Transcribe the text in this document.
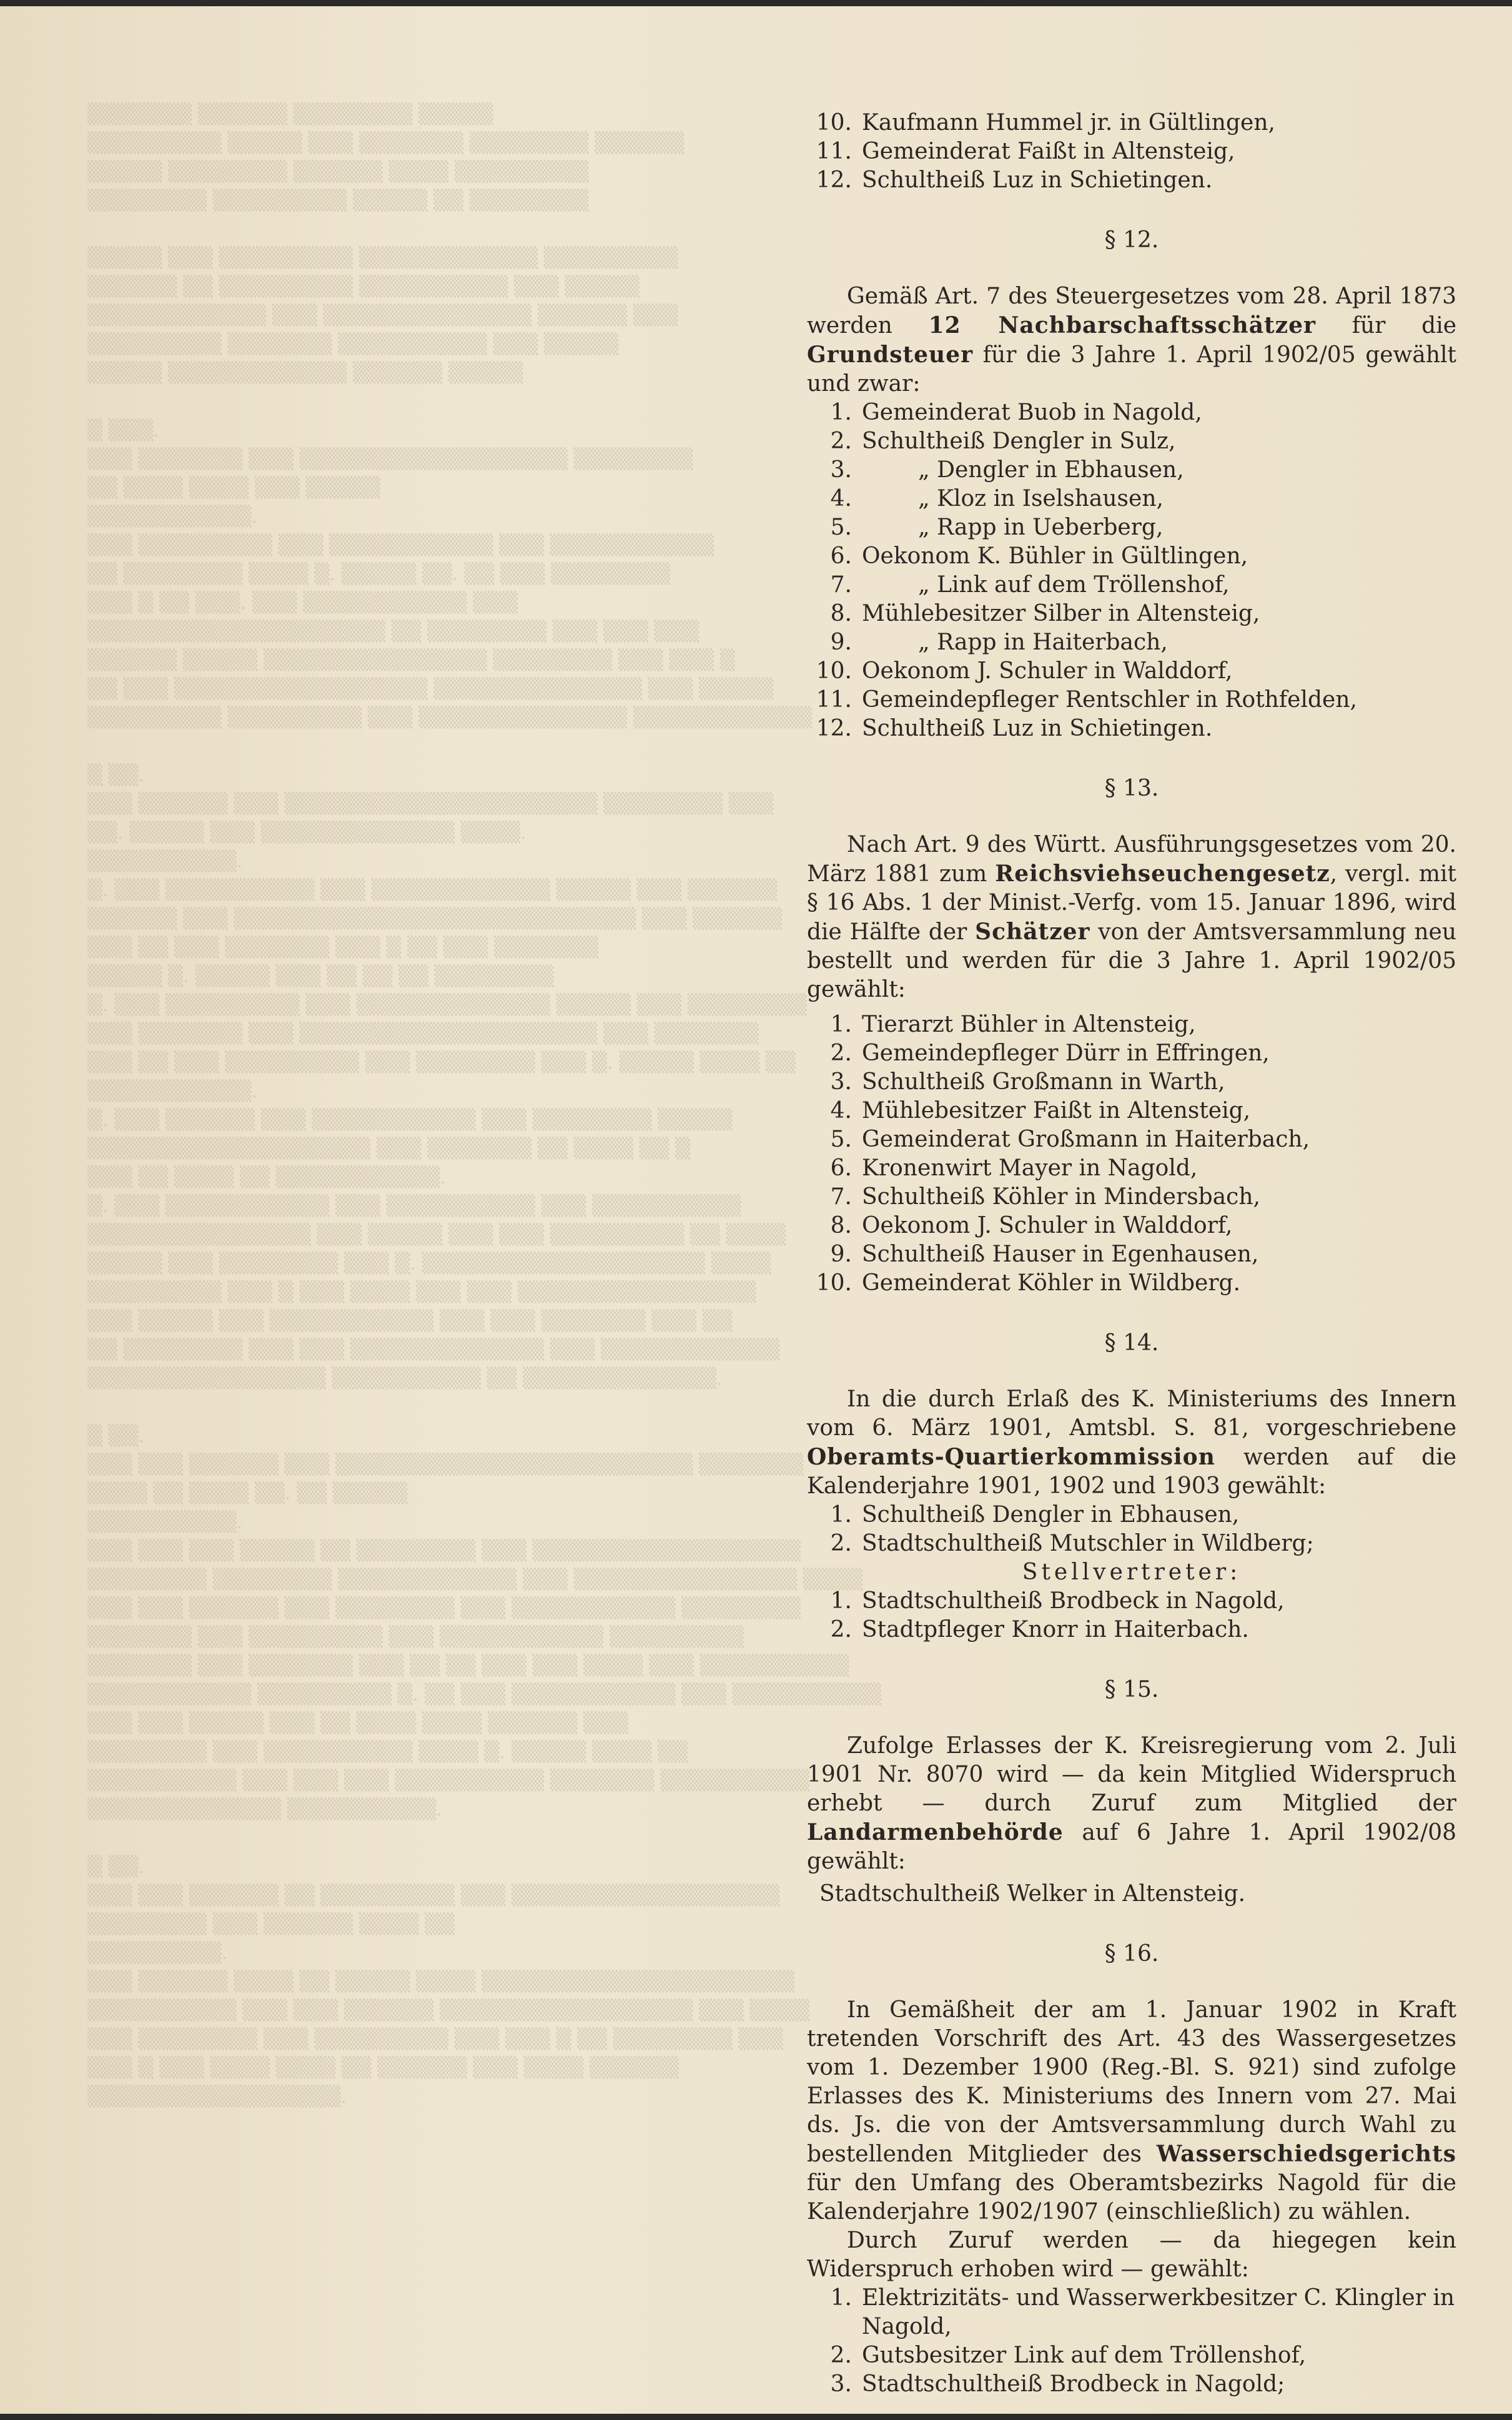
▒▒▒▒▒▒▒ ▒▒▒▒▒▒ ▒▒▒▒▒▒▒▒ ▒▒▒▒▒
▒▒▒▒▒▒▒▒▒ ▒▒▒▒▒ ▒▒▒ ▒▒▒▒▒▒▒ ▒▒▒▒▒▒▒▒ ▒▒▒▒▒▒
▒▒▒▒▒ ▒▒▒▒▒▒▒▒ ▒▒▒▒▒▒ ▒▒▒▒ ▒▒▒▒▒▒▒▒▒
▒▒▒▒▒▒▒▒ ▒▒▒▒▒▒▒▒▒ ▒▒▒▒▒ ▒▒ ▒▒▒▒▒▒▒▒

▒▒▒▒▒ ▒▒▒ ▒▒▒▒▒▒▒▒▒ ▒▒▒▒▒▒▒▒▒▒▒▒ ▒▒▒▒▒▒▒▒▒
▒▒▒▒▒▒ ▒▒ ▒▒▒▒▒▒▒▒▒ ▒▒▒▒▒▒▒▒▒▒ ▒▒▒ ▒▒▒▒▒
▒▒▒▒▒▒▒▒▒▒▒▒ ▒▒▒ ▒▒▒▒▒▒▒▒▒▒▒▒▒▒ ▒▒▒▒▒▒ ▒▒▒
▒▒▒▒▒▒▒▒▒ ▒▒▒▒▒▒▒ ▒▒▒▒▒▒▒▒▒▒ ▒▒▒ ▒▒▒▒▒
▒▒▒▒▒ ▒▒▒▒▒▒▒▒▒▒▒▒ ▒▒▒▒▒▒ ▒▒▒▒▒

▒ ▒▒▒.
▒▒▒ ▒▒▒▒▒▒▒ ▒▒▒ ▒▒▒▒▒▒▒▒▒▒▒▒▒▒▒▒▒▒ ▒▒▒▒▒▒▒▒
▒▒ ▒▒▒▒ ▒▒▒▒ ▒▒▒ ▒▒▒▒▒
▒▒▒▒▒▒▒▒▒▒▒.
▒▒▒ ▒▒▒▒▒▒▒▒▒ ▒▒▒ ▒▒▒▒▒▒▒▒▒▒▒ ▒▒▒ ▒▒▒▒▒▒▒▒▒▒▒
▒▒ ▒▒▒▒▒▒▒▒ ▒▒▒▒ ▒. ▒▒▒▒▒ ▒▒. ▒▒ ▒▒▒ ▒▒▒▒▒▒▒▒
▒▒▒ ▒ ▒▒ ▒▒▒. ▒▒▒ ▒▒▒▒▒▒▒▒▒▒▒ ▒▒▒
▒▒▒▒▒▒▒▒▒▒▒▒▒▒▒▒▒▒▒▒ ▒▒ ▒▒▒▒▒▒▒▒ ▒▒▒ ▒▒▒ ▒▒▒
▒▒▒▒▒▒ ▒▒▒▒▒ ▒▒▒▒▒▒▒▒▒▒▒▒▒▒▒ ▒▒▒▒▒▒▒▒ ▒▒▒ ▒▒▒ ▒
▒▒ ▒▒▒ ▒▒▒▒▒▒▒▒▒▒▒▒▒▒▒▒▒ ▒▒▒▒▒▒▒▒▒▒▒▒▒▒ ▒▒▒ ▒▒▒▒▒
▒▒▒▒▒▒▒▒▒ ▒▒▒▒▒▒▒▒▒ ▒▒▒ ▒▒▒▒▒▒▒▒▒▒▒▒▒▒ ▒▒▒▒▒▒▒▒▒▒▒▒

▒ ▒▒.
▒▒▒ ▒▒▒▒▒▒ ▒▒▒ ▒▒▒▒▒▒▒▒▒▒▒▒▒▒▒▒▒▒▒▒▒ ▒▒▒▒▒▒▒▒ ▒▒▒
▒▒. ▒▒▒▒▒ ▒▒▒ ▒▒▒▒▒▒▒▒▒▒▒▒▒ ▒▒▒▒.
▒▒▒▒▒▒▒▒▒▒.
▒. ▒▒▒ ▒▒▒▒▒▒▒▒▒▒ ▒▒▒ ▒▒▒▒▒▒▒▒▒▒▒▒ ▒▒▒▒▒ ▒▒▒ ▒▒▒▒▒▒
▒▒▒▒▒▒ ▒▒▒ ▒▒▒▒▒▒▒▒▒▒▒▒▒▒▒▒▒▒▒▒▒▒▒▒▒▒▒ ▒▒▒ ▒▒▒▒▒▒
▒▒▒ ▒▒ ▒▒▒ ▒▒▒▒▒▒▒ ▒▒▒ ▒ ▒▒ ▒▒▒ ▒▒▒▒▒▒▒
▒▒▒▒▒ ▒. ▒▒▒▒▒ ▒▒▒ ▒▒ ▒▒ ▒▒ ▒▒▒▒▒▒▒▒
▒. ▒▒▒ ▒▒▒▒▒▒▒▒▒ ▒▒▒ ▒▒▒▒▒▒▒▒▒▒▒▒▒ ▒▒▒▒▒ ▒▒▒ ▒▒▒▒▒▒▒▒
▒▒▒ ▒▒▒▒▒▒▒ ▒▒▒ ▒▒▒▒▒▒▒▒▒▒▒▒▒▒▒▒▒▒▒▒ ▒▒▒ ▒▒▒▒▒▒▒
▒▒▒ ▒▒ ▒▒▒ ▒▒▒▒▒▒▒▒▒ ▒▒▒ ▒▒▒▒▒▒▒▒ ▒▒▒ ▒. ▒▒▒▒▒ ▒▒▒▒ ▒▒
▒▒▒▒▒▒▒▒▒▒▒.
▒. ▒▒▒ ▒▒▒▒▒▒ ▒▒▒ ▒▒▒▒▒▒▒▒▒▒▒ ▒▒▒ ▒▒▒▒▒▒▒▒ ▒▒▒▒▒
▒▒▒▒▒▒▒▒▒▒▒▒▒▒▒▒▒▒▒ ▒▒▒ ▒▒▒▒▒▒▒ ▒▒ ▒▒▒▒ ▒▒ ▒
▒▒▒ ▒▒ ▒▒▒▒ ▒▒ ▒▒▒▒▒▒▒▒▒▒▒.
▒. ▒▒▒ ▒▒▒▒▒▒▒▒▒▒▒ ▒▒▒ ▒▒▒▒▒▒▒▒▒▒ ▒▒▒ ▒▒▒▒▒▒▒▒▒▒
▒▒▒▒▒▒▒▒▒▒▒▒▒▒▒ ▒▒▒ ▒▒▒▒▒ ▒▒▒ ▒▒▒ ▒▒▒▒▒▒▒▒▒ ▒▒ ▒▒▒▒
▒▒▒▒▒ ▒▒▒ ▒▒▒▒▒▒▒▒ ▒▒▒ ▒. ▒▒▒▒▒▒▒▒▒▒▒▒▒▒▒▒▒▒▒ ▒▒▒▒
▒▒▒▒▒▒▒▒▒ ▒▒▒ ▒ ▒▒▒ ▒▒▒▒ ▒▒▒ ▒▒▒ ▒▒▒▒▒▒▒▒▒▒▒▒▒▒▒▒
▒▒▒ ▒▒▒▒▒ ▒▒▒ ▒▒▒▒▒▒▒▒▒▒▒ ▒▒▒ ▒▒▒ ▒▒▒▒▒▒▒ ▒▒▒ ▒▒
▒▒ ▒▒▒▒▒▒▒▒ ▒▒▒ ▒▒▒ ▒▒▒▒▒▒▒▒▒▒▒▒▒ ▒▒▒ ▒▒▒▒▒▒▒▒▒▒▒▒
▒▒▒▒▒▒▒▒▒▒▒▒▒▒▒▒ ▒▒▒▒▒▒▒▒▒▒ ▒▒ ▒▒▒▒▒▒▒▒▒▒▒▒▒.

▒ ▒▒.
▒▒▒ ▒▒▒ ▒▒▒▒▒▒ ▒▒▒ ▒▒▒▒▒▒▒▒▒▒▒▒▒▒▒▒▒▒▒▒▒▒▒▒ ▒▒▒▒▒▒▒
▒▒▒▒ ▒▒ ▒▒▒▒ ▒▒. ▒▒ ▒▒▒▒▒
▒▒▒▒▒▒▒▒▒▒.
▒▒▒ ▒▒▒ ▒▒▒ ▒▒▒▒▒ ▒▒ ▒▒▒▒▒▒▒▒ ▒▒▒ ▒▒▒▒▒▒▒▒▒▒▒▒▒▒▒▒▒▒
▒▒▒▒▒▒▒▒ ▒▒▒▒▒▒▒▒ ▒▒▒▒▒▒▒▒▒▒▒▒ ▒▒▒ ▒▒▒▒▒▒▒▒▒▒▒▒▒▒▒ ▒▒▒▒
▒▒▒ ▒▒▒ ▒▒▒▒▒▒ ▒▒▒ ▒▒▒▒▒▒▒▒ ▒▒▒ ▒▒▒▒▒▒▒▒▒▒▒ ▒▒▒▒▒▒▒▒
▒▒▒▒▒▒▒ ▒▒▒ ▒▒▒▒▒▒▒▒▒ ▒▒▒ ▒▒▒▒▒▒▒▒▒▒▒ ▒▒▒▒▒▒▒▒▒
▒▒▒▒▒▒▒ ▒▒▒ ▒▒▒▒▒▒▒ ▒▒▒ ▒▒ ▒▒ ▒▒▒ ▒▒▒ ▒▒▒▒ ▒▒▒ ▒▒▒▒▒▒▒▒▒▒
▒▒▒▒▒▒▒▒▒▒▒ ▒▒▒▒▒▒▒▒▒ ▒. ▒▒ ▒▒▒ ▒▒▒▒▒▒▒▒▒▒▒ ▒▒▒ ▒▒▒▒▒▒▒▒▒▒
▒▒▒ ▒▒▒ ▒▒▒▒▒ ▒▒▒ ▒▒ ▒▒▒▒ ▒▒▒▒ ▒▒▒▒▒▒ ▒▒▒
▒▒▒▒▒▒▒▒ ▒▒▒ ▒▒▒▒▒▒▒▒▒▒ ▒▒▒▒ ▒. ▒▒▒▒▒ ▒▒▒▒ ▒▒
▒▒▒▒▒▒▒▒▒▒ ▒▒▒ ▒▒▒ ▒▒▒ ▒▒▒▒▒▒▒▒▒▒ ▒▒▒▒▒▒▒ ▒▒▒▒▒▒▒▒▒▒
▒▒▒▒▒▒▒▒▒▒▒▒▒ ▒▒▒▒▒▒▒▒▒▒.

▒ ▒▒.
▒▒▒ ▒▒▒ ▒▒▒▒▒▒ ▒▒ ▒▒▒▒▒▒▒▒▒ ▒▒▒ ▒▒▒▒▒▒▒▒▒▒▒▒▒▒▒▒▒▒
▒▒▒▒▒▒▒▒ ▒▒▒ ▒▒▒▒▒▒ ▒▒▒▒ ▒▒
▒▒▒▒▒▒▒▒▒.
▒▒▒ ▒▒▒▒▒▒ ▒▒▒▒ ▒▒ ▒▒▒▒▒ ▒▒▒▒ ▒▒▒▒▒▒▒▒▒▒▒▒▒▒▒▒▒▒▒▒▒
▒▒▒▒▒▒▒▒▒▒ ▒▒▒ ▒▒▒ ▒▒▒▒▒▒ ▒▒▒▒▒▒▒▒▒▒▒▒▒▒▒▒▒ ▒▒▒ ▒▒▒▒
▒▒▒ ▒▒▒▒▒▒▒▒ ▒▒▒ ▒▒▒▒▒▒▒▒▒ ▒▒▒ ▒▒▒ ▒ ▒▒ ▒▒▒▒▒▒▒▒ ▒▒▒
▒▒▒ ▒ ▒▒▒ ▒▒▒▒ ▒▒▒▒ ▒▒ ▒▒▒▒▒▒ ▒▒▒ ▒▒▒▒ ▒▒▒▒▒▒
▒▒▒▒▒▒▒▒▒▒▒▒▒▒▒▒▒.
10. Kaufmann Hummel jr. in Gültlingen,
11. Gemeinderat Faißt in Altensteig,
12. Schultheiß Luz in Schietingen.
§ 12.

Gemäß Art. 7 des Steuergesetzes vom 28. April 1873 werden 12 Nachbarschaftsschätzer für die Grundsteuer für die 3 Jahre 1. April 1902/05 gewählt und zwar:

1. Gemeinderat Buob in Nagold,
2. Schultheiß Dengler in Sulz,
3.	„ Dengler in Ebhausen,
4.	„ Kloz in Iselshausen,
5.	„ Rapp in Ueberberg,
6. Oekonom K. Bühler in Gültlingen,
7.	„ Link auf dem Tröllenshof,
8. Mühlebesitzer Silber in Altensteig,
9.	„ Rapp in Haiterbach,
10. Oekonom J. Schuler in Walddorf,
11. Gemeindepfleger Rentschler in Rothfelden,
12. Schultheiß Luz in Schietingen.
§ 13.

Nach Art. 9 des Württ. Ausführungsgesetzes vom 20. März 1881 zum Reichsviehseuchengesetz, vergl. mit § 16 Abs. 1 der Minist.-Verfg. vom 15. Januar 1896, wird die Hälfte der Schätzer von der Amtsversammlung neu bestellt und werden für die 3 Jahre 1. April 1902/05 gewählt:

1. Tierarzt Bühler in Altensteig,
2. Gemeindepfleger Dürr in Effringen,
3. Schultheiß Großmann in Warth,
4. Mühlebesitzer Faißt in Altensteig,
5. Gemeinderat Großmann in Haiterbach,
6. Kronenwirt Mayer in Nagold,
7. Schultheiß Köhler in Mindersbach,
8. Oekonom J. Schuler in Walddorf,
9. Schultheiß Hauser in Egenhausen,
10. Gemeinderat Köhler in Wildberg.
§ 14.

In die durch Erlaß des K. Ministeriums des Innern vom 6. März 1901, Amtsbl. S. 81, vorgeschriebene Oberamts-Quartierkommission werden auf die Kalenderjahre 1901, 1902 und 1903 gewählt:

1. Schultheiß Dengler in Ebhausen,
2. Stadtschultheiß Mutschler in Wildberg;
Stellvertreter:
1. Stadtschultheiß Brodbeck in Nagold,
2. Stadtpfleger Knorr in Haiterbach.
§ 15.

Zufolge Erlasses der K. Kreisregierung vom 2. Juli 1901 Nr. 8070 wird — da kein Mitglied Widerspruch erhebt — durch Zuruf zum Mitglied der Landarmenbehörde auf 6 Jahre 1. April 1902/08 gewählt:

Stadtschultheiß Welker in Altensteig.
§ 16.

In Gemäßheit der am 1. Januar 1902 in Kraft tretenden Vorschrift des Art. 43 des Wassergesetzes vom 1. Dezember 1900 (Reg.-Bl. S. 921) sind zufolge Erlasses des K. Ministeriums des Innern vom 27. Mai ds. Js. die von der Amtsversammlung durch Wahl zu bestellenden Mitglieder des Wasserschiedsgerichts für den Umfang des Oberamtsbezirks Nagold für die Kalenderjahre 1902/1907 (einschließlich) zu wählen.

Durch Zuruf werden — da hiegegen kein Widerspruch erhoben wird — gewählt:

1. Elektrizitäts- und Wasserwerkbesitzer C. Klingler in Nagold,
2. Gutsbesitzer Link auf dem Tröllenshof,
3. Stadtschultheiß Brodbeck in Nagold;
